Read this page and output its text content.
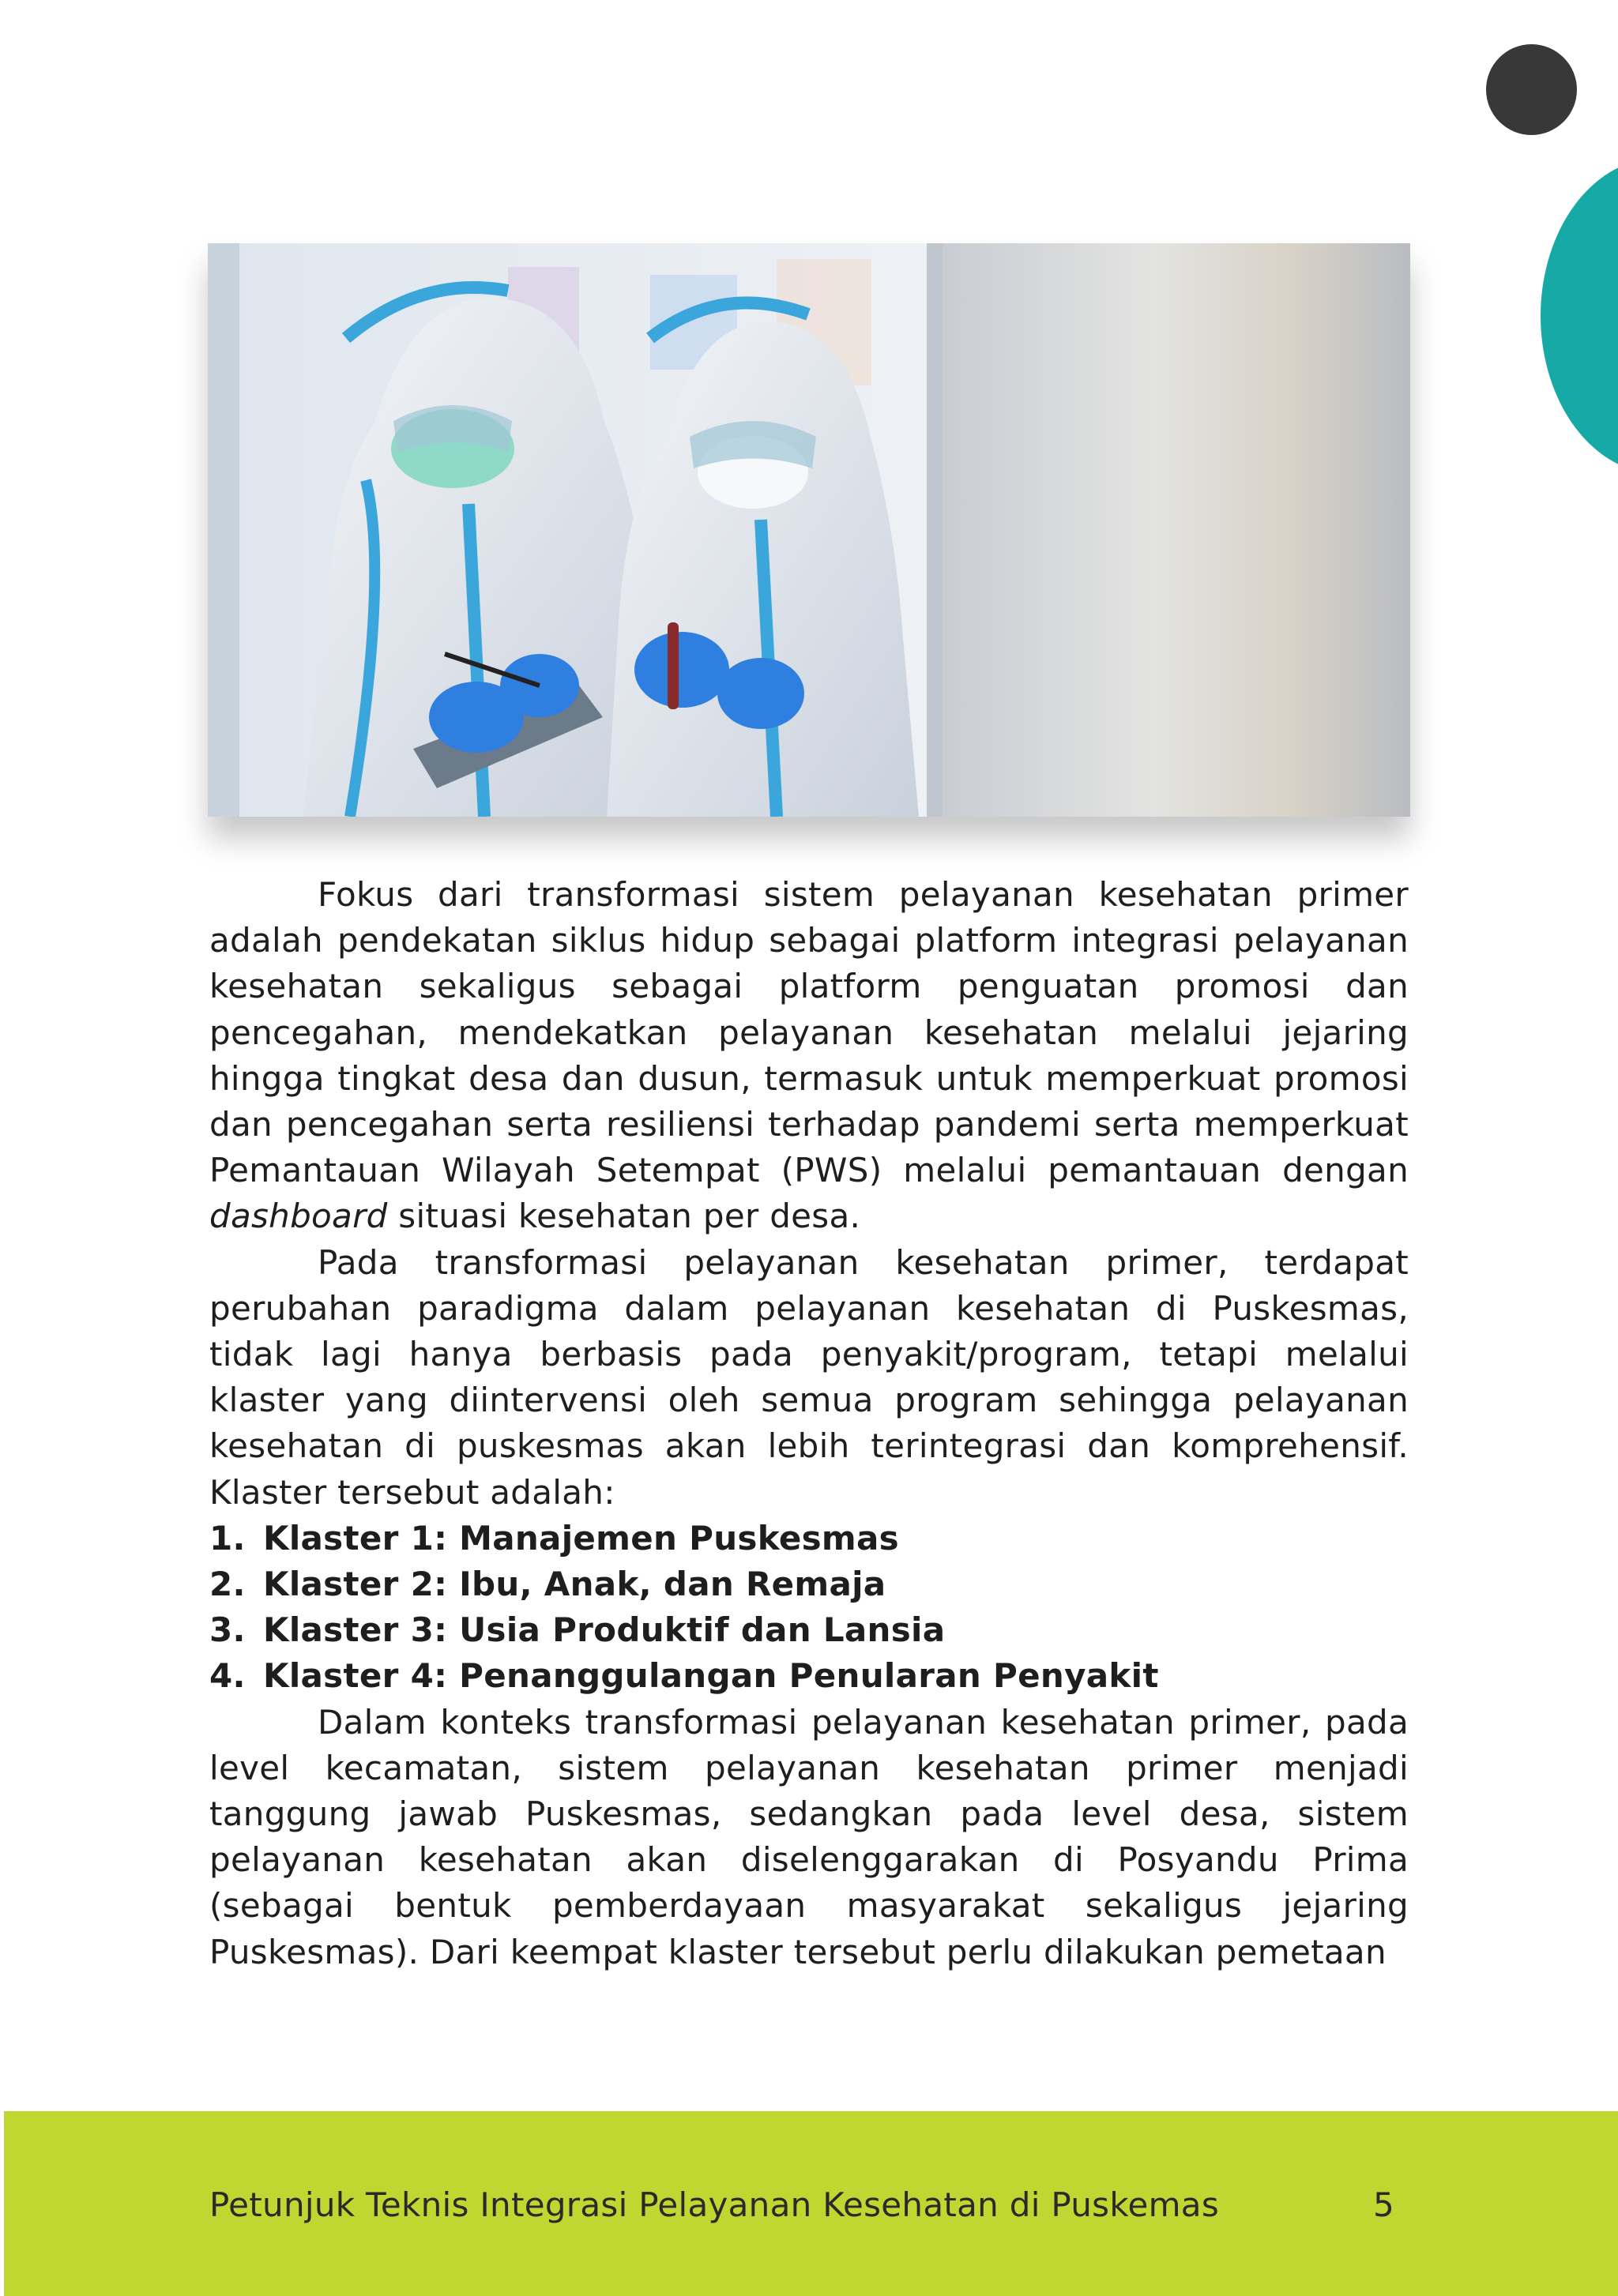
Fokus dari transformasi sistem pelayanan kesehatan primer adalah pendekatan siklus hidup sebagai platform integrasi pelayanan kesehatan sekaligus sebagai platform penguatan promosi dan pencegahan, mendekatkan pelayanan kesehatan melalui jejaring hingga tingkat desa dan dusun, termasuk untuk memperkuat promosi dan pencegahan serta resiliensi terhadap pandemi serta memperkuat Pemantauan Wilayah Setempat (PWS) melalui pemantauan dengan dashboard situasi kesehatan per desa.

Pada transformasi pelayanan kesehatan primer, terdapat perubahan paradigma dalam pelayanan kesehatan di Puskesmas, tidak lagi hanya berbasis pada penyakit/program, tetapi melalui klaster yang diintervensi oleh semua program sehingga pelayanan kesehatan di puskesmas akan lebih terintegrasi dan komprehensif. Klaster tersebut adalah:

1. Klaster 1: Manajemen Puskesmas
2. Klaster 2: Ibu, Anak, dan Remaja
3. Klaster 3: Usia Produktif dan Lansia
4. Klaster 4: Penanggulangan Penularan Penyakit

Dalam konteks transformasi pelayanan kesehatan primer, pada level kecamatan, sistem pelayanan kesehatan primer menjadi tanggung jawab Puskesmas, sedangkan pada level desa, sistem pelayanan kesehatan akan diselenggarakan di Posyandu Prima (sebagai bentuk pemberdayaan masyarakat sekaligus jejaring Puskesmas). Dari keempat klaster tersebut perlu dilakukan pemetaan

Petunjuk Teknis Integrasi Pelayanan Kesehatan di Puskemas	5
